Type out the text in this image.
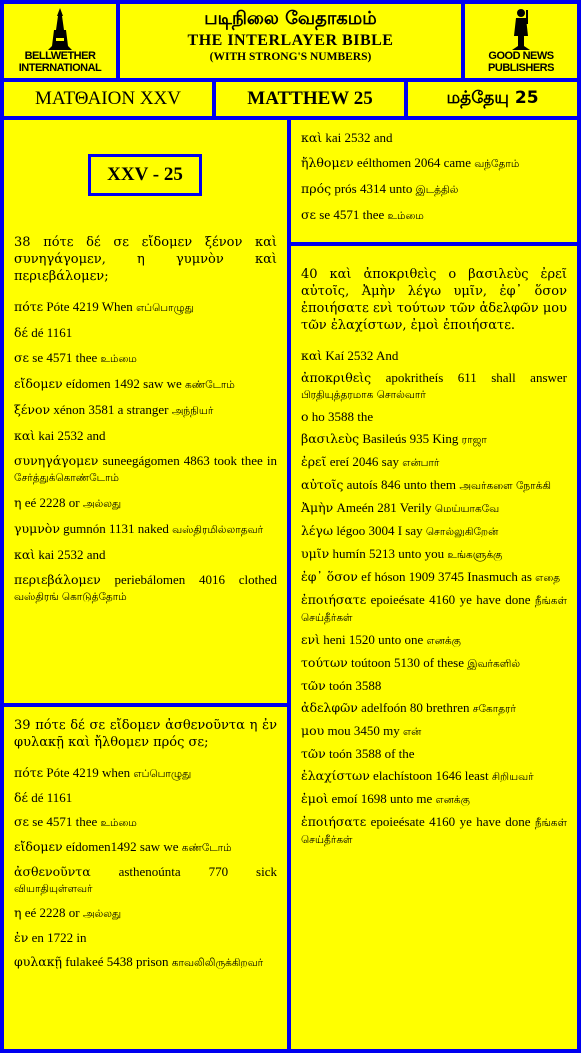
BELLWETHER INTERNATIONAL
படிநிலை வேதாகமம்
THE INTERLAYER BIBLE
(WITH STRONG'S NUMBERS)	GOOD NEWS PUBLISHERS
ΜΑΤΘΑΙΟΝ XXV	MATTHEW 25	மத்தேயு 25
XXV - 25
38 πότε δέ σε εἴδομεν ξένον καὶ συνηγάγομεν, η γυμνὸν καὶ περιεβάλομεν;
πότε Póte 4219 When எப்பொழுது
δέ dé 1161
σε se 4571 thee உம்மை
εἴδομεν eídomen 1492 saw we கண்டோம்
ξένον xénon 3581 a stranger அந்நியர்
καὶ kai 2532 and
συνηγάγομεν suneegágomen 4863 took thee in சேர்த்துக்கொண்டோம்
η eé 2228 or அல்லது
γυμνὸν gumnón 1131 naked வஸ்திரமில்லாதவர்
καὶ kai 2532 and
περιεβάλομεν periebálomen 4016 clothed வஸ்திரங் கொடுத்தோம்
39 πότε δέ σε εἴδομεν ἀσθενοῦντα η ἐν φυλακῇ καὶ ἤλθομεν πρός σε;
πότε Póte 4219 when எப்பொழுது
δέ dé 1161
σε se 4571 thee உம்மை
εἴδομεν eídomen1492 saw we கண்டோம்
ἀσθενοῦντα asthenoúnta 770 sick வியாதியுள்ளவர்
η eé 2228 or அல்லது
ἐν en 1722 in
φυλακῇ fulakeé 5438 prison காவலிலிருக்கிறவர்
καὶ kai 2532 and
ἤλθομεν eélthomen 2064 came வந்தோம்
πρός prós 4314 unto இடத்தில்
σε se 4571 thee உம்மை
40 καὶ ἀποκριθεὶς ο βασιλεὺς ἐρεῖ αὐτοῖς, Ἀμὴν λέγω υμῖν, ἐφ᾽ ὅσον ἐποιήσατε ενὶ τούτων τῶν ἀδελφῶν μου τῶν ἐλαχίστων, ἐμοὶ ἐποιήσατε.
καὶ Kaí 2532 And
ἀποκριθεὶς apokritheís 611 shall answer பிரதியுத்தரமாக சொல்வார்
ο ho 3588 the
βασιλεὺς Basileús 935 King ராஜா
ἐρεῖ ereí 2046 say என்பார்
αὐτοῖς autoís 846 unto them அவர்களை நோக்கி
Ἀμὴν Ameén 281 Verily மெய்யாகவே
λέγω légoo 3004 I say சொல்லுகிறேன்
υμῖν humín 5213 unto you உங்களுக்கு
ἐφ᾽ ὅσον ef hóson 1909 3745 Inasmuch as எதை
ἐποιήσατε epoieésate 4160 ye have done நீங்கள் செய்தீர்கள்
ενὶ heni 1520 unto one எனக்கு
τούτων toútoon 5130 of these இவர்களில்
τῶν toón 3588
ἀδελφῶν adelfoón 80 brethren சகோதரர்
μου mou 3450 my என்
τῶν toón 3588 of the
ἐλαχίστων elachístoon 1646 least சிறியவர்
ἐμοὶ emoí 1698 unto me எனக்கு
ἐποιήσατε epoieésate 4160 ye have done நீங்கள் செய்தீர்கள்
